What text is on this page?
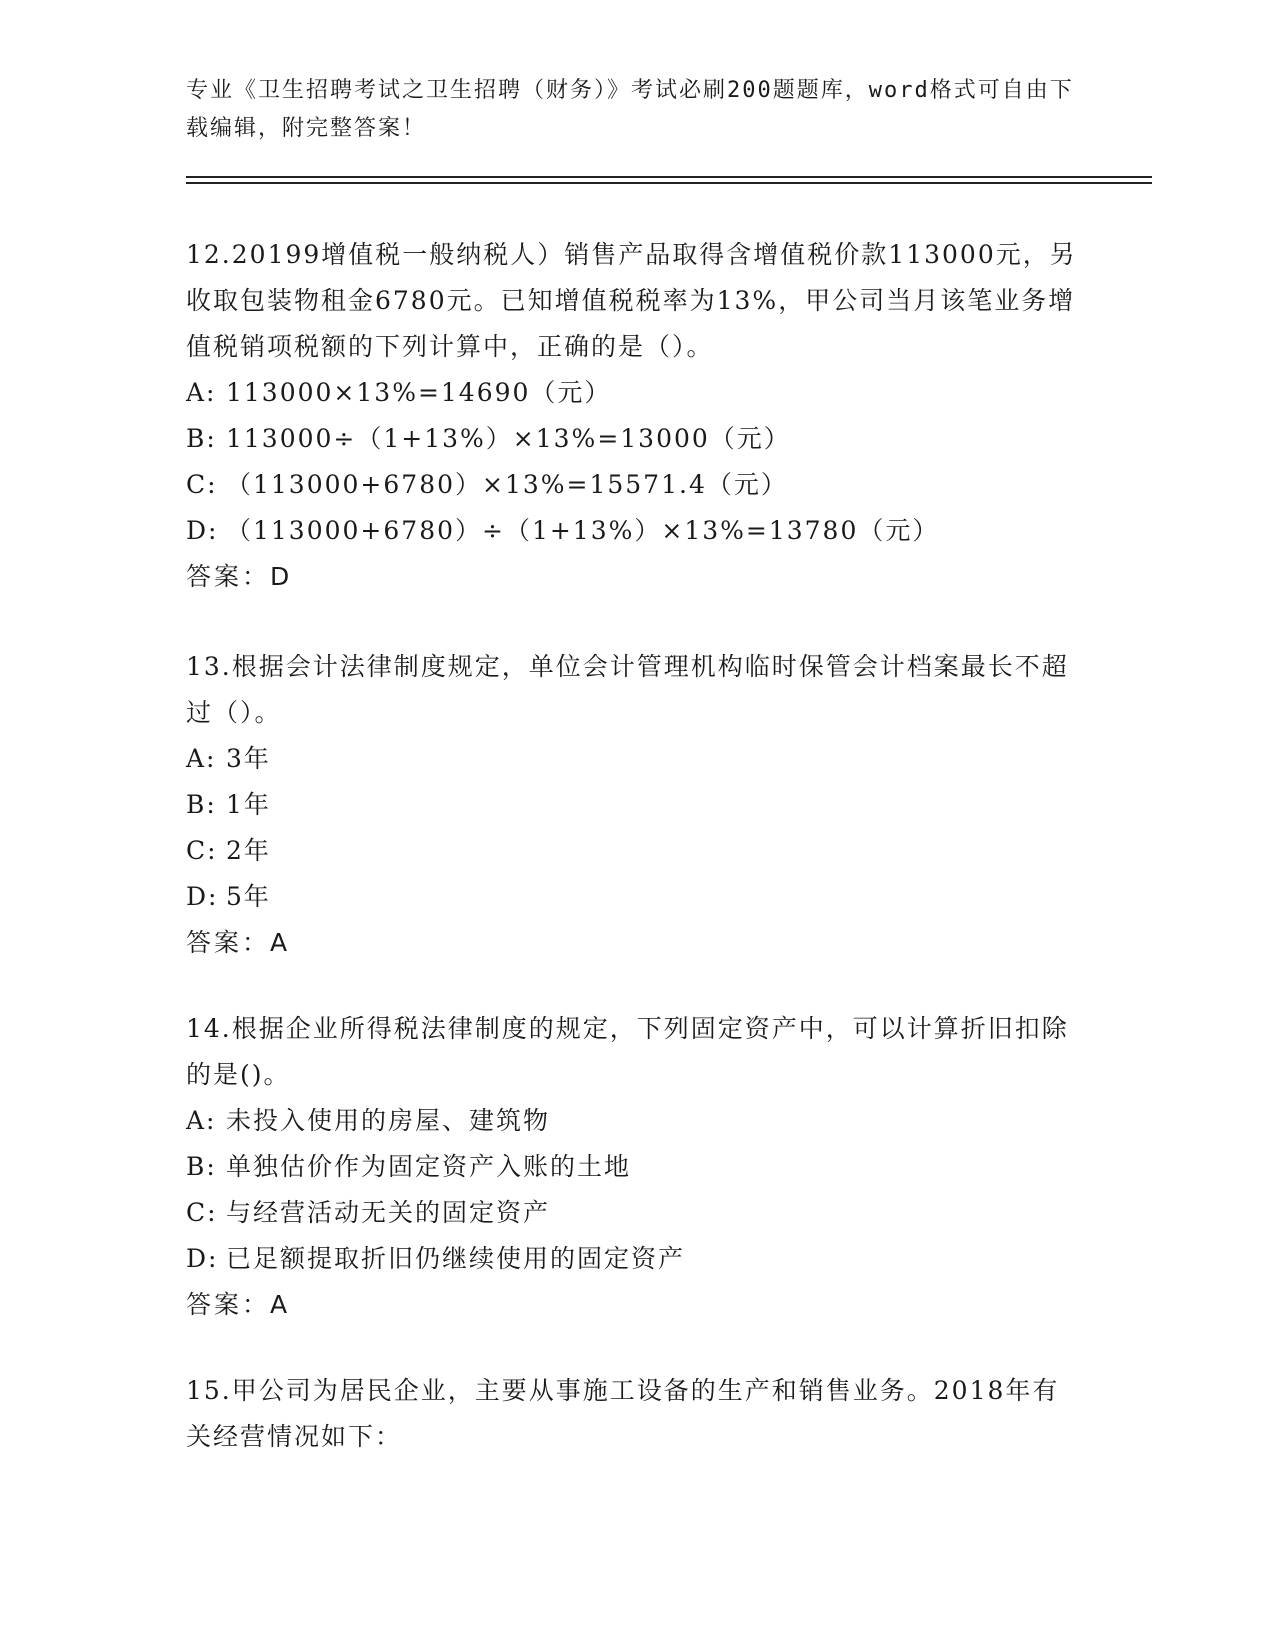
专业《卫生招聘考试之卫生招聘（财务）》考试必刷200题题库，word格式可自由下载编辑，附完整答案！

12.20199增值税一般纳税人）销售产品取得含增值税价款113000元，另收取包装物租金6780元。已知增值税税率为13%，甲公司当月该笔业务增值税销项税额的下列计算中，正确的是（）。

A: 113000×13%=14690（元）

B: 113000÷（1+13%）×13%=13000（元）

C: （113000+6780）×13%=15571.4（元）

D: （113000+6780）÷（1+13%）×13%=13780（元）

答案：D

13.根据会计法律制度规定，单位会计管理机构临时保管会计档案最长不超过（）。

A: 3年

B: 1年

C: 2年

D: 5年

答案：A

14.根据企业所得税法律制度的规定，下列固定资产中，可以计算折旧扣除的是()。

A: 未投入使用的房屋、建筑物

B: 单独估价作为固定资产入账的土地

C: 与经营活动无关的固定资产

D: 已足额提取折旧仍继续使用的固定资产

答案：A

15.甲公司为居民企业，主要从事施工设备的生产和销售业务。2018年有关经营情况如下：
